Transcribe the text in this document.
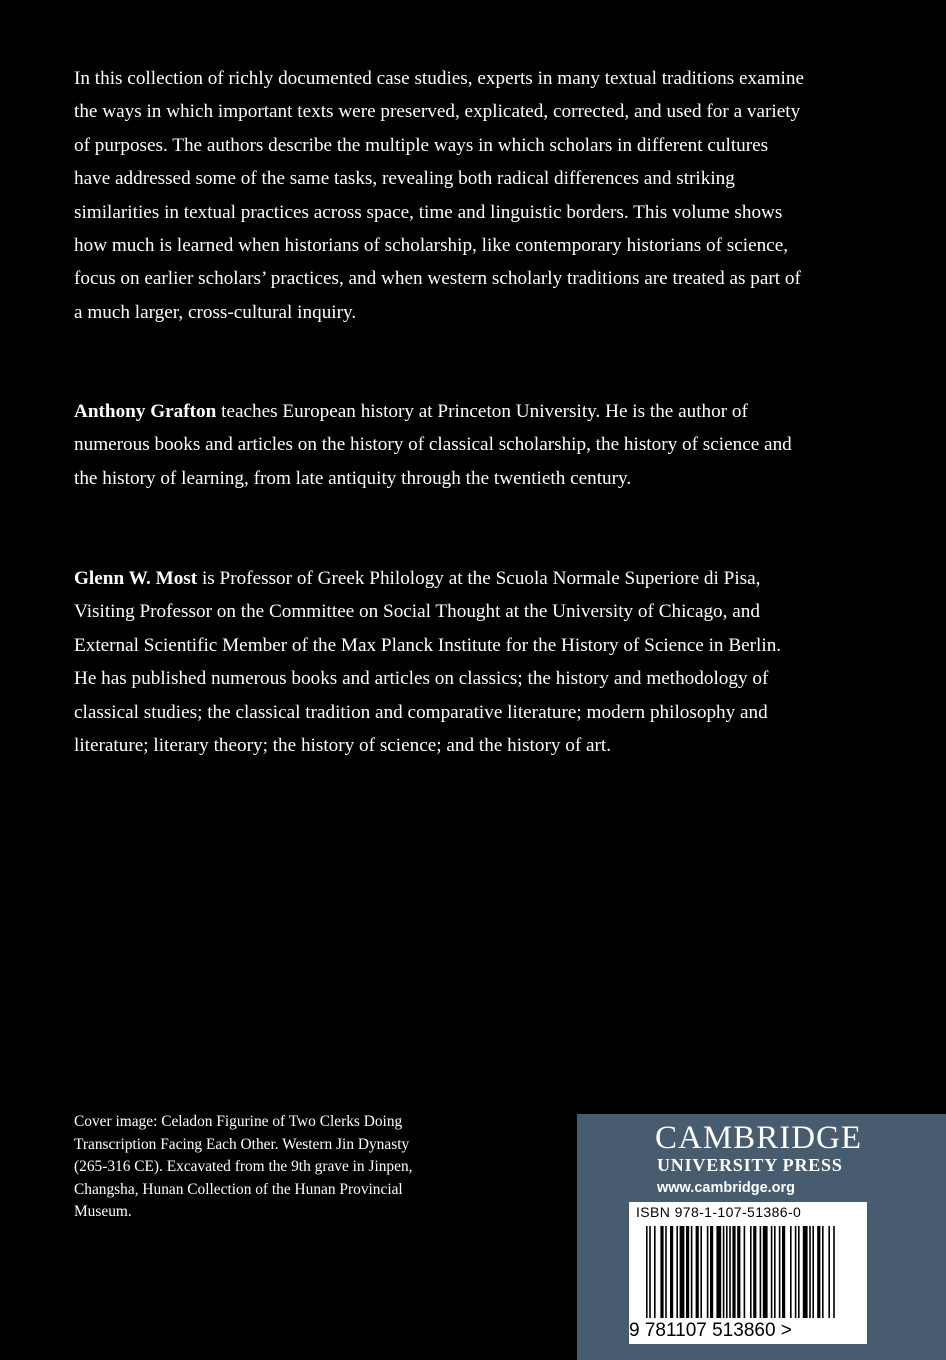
In this collection of richly documented case studies, experts in many textual traditions examine the ways in which important texts were preserved, explicated, corrected, and used for a variety of purposes. The authors describe the multiple ways in which scholars in different cultures have addressed some of the same tasks, revealing both radical differences and striking similarities in textual practices across space, time and linguistic borders. This volume shows how much is learned when historians of scholarship, like contemporary historians of science, focus on earlier scholars’ practices, and when western scholarly traditions are treated as part of a much larger, cross-cultural inquiry.

Anthony Grafton teaches European history at Princeton University. He is the author of numerous books and articles on the history of classical scholarship, the history of science and the history of learning, from late antiquity through the twentieth century.

Glenn W. Most is Professor of Greek Philology at the Scuola Normale Superiore di Pisa, Visiting Professor on the Committee on Social Thought at the University of Chicago, and External Scientific Member of the Max Planck Institute for the History of Science in Berlin. He has published numerous books and articles on classics; the history and methodology of classical studies; the classical tradition and comparative literature; modern philosophy and literature; literary theory; the history of science; and the history of art.

Cover image: Celadon Figurine of Two Clerks Doing Transcription Facing Each Other. Western Jin Dynasty (265-316 CE). Excavated from the 9th grave in Jinpen, Changsha, Hunan Collection of the Hunan Provincial Museum.

CAMBRIDGE
UNIVERSITY PRESS
www.cambridge.org
ISBN 978-1-107-51386-0
9 781107 513860 >
